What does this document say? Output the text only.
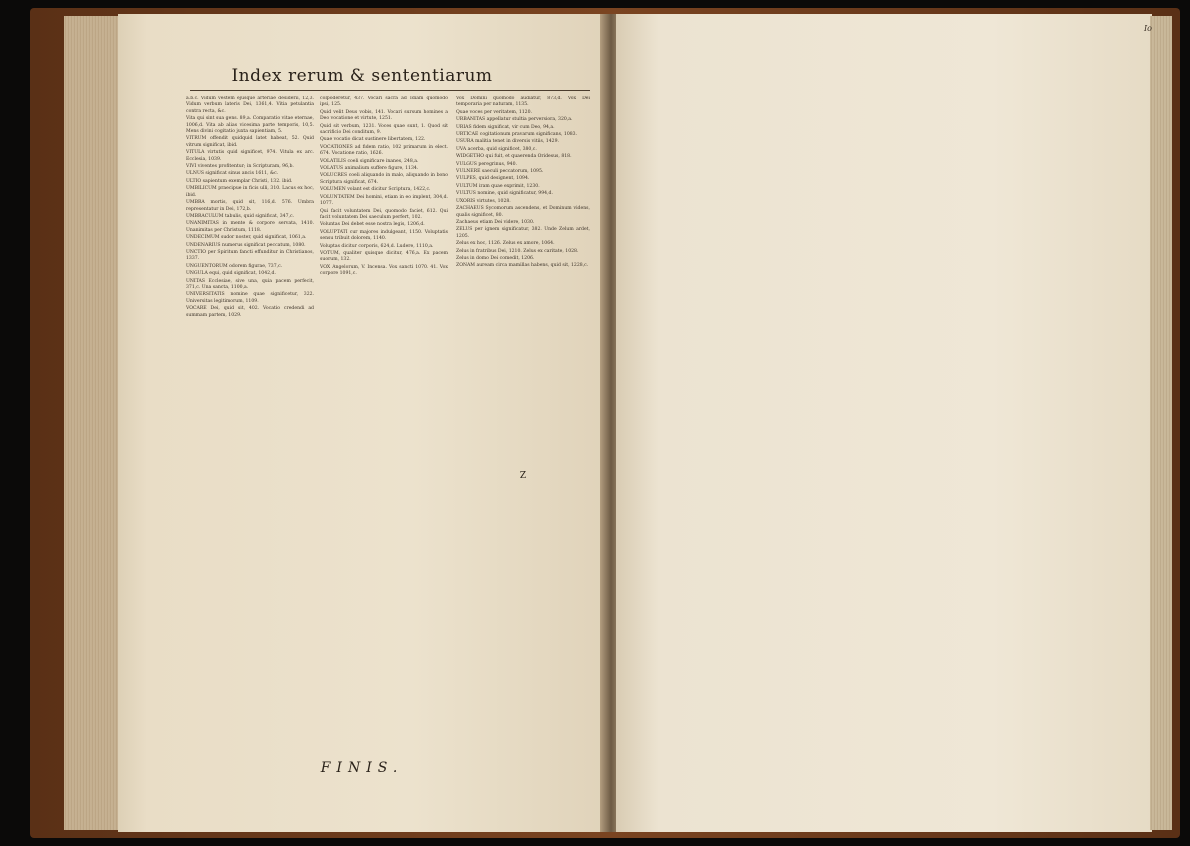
Index rerum & sententiarum

a.b.c. Vidum vestem ejusque arteriae desiderii, 12,3. Vidum verbum lateris Dei, 1361,4. Vitia petulantia contra recta, &c.

Vita qui sint sua gens. 89,a. Comparatio vitae eternae, 1006,d. Vita ab alias vicesima parte temporis, 10,5. Mens divini cogitatio juxta sapientiam, 5.

VITRUM offendit quidquid latet habeat, 52. Quid vitrum significat, ibid.

VITULA virtutis quid significet, 974. Vitula ex arc. Ecclesia, 1039.

VIVI viventes profitentur; in Scripturam, 96,b.

ULNUS significat sinus ancis 1611, &c.

ULTIO sapientum exemplar Christi, 132. ibid.

UMBILICUM praecipue in ficis ulli, 310. Lacus ex hoc, ibid.

UMBRA mortis, quid sit, 116,d. 576. Umbra representatur in Dei, 172,b.

UMBRACULUM tabulis, quid significat, 347,c.

UNANIMITAS in mente & corpore servata, 1410. Unanimitas per Christum, 1118.

UNDECIMUM sudor noster, quid significat, 1061,a.

UNDENARIUS numerus significat peccatum, 1080.

UNCTIO per Spiritum fancti effunditur in Christianos, 1337.

UNGUENTORUM odorem figurae, 737,c.

UNGULA equi, quid significat, 1042,d.

UNITAS Ecclesiae, sive una, quia pacem perfecit, 371,c. Una sancta, 1100,a.

UNIVERSITATIS nomine quae significetur, 322. Universitas legitimorum, 1109.

VOCARE Dei, quid sit, 402. Vocatio credendi ad summam partem, 1029.

colpoderetur, 437. Vocari sacra ad Idiam quomodo ipsi, 125.

Quid velit Deus vobis, 141. Vocari sursum homines a Deo vocatione et virtute, 1251.

Quid sit verbum, 1231. Voces quae sunt, 1. Quod sit sacrificio Dei conditum, 9.

Quae vocatio dicat sustinere libertatem, 122.

VOCATIONES ad fidem ratio, 102 primarum in elect. 674. Vocatione ratio, 1626.

VOLATILIS coeli significare inanes, 248,a.

VOLATUS animalium suffere figure, 1134.

VOLUCRES coeli aliquando in malo, aliquando in bono Scriptura significat, 674.

VOLUMEN volant est dicitur Scriptura, 1422,c.

VOLUNTATEM Dei homini, etiam in eo implent, 304,d. 1077.

Qui facit voluntatem Dei, quomodo faciet, 612. Qui facit voluntatem Dei saeculum perfert, 102.

Voluntas Dei debet esse nostra legis, 1206,d.

VOLUPTATI cur majores indulgeant, 1150. Voluptatis sensu tribuit dolorem, 1140.

Voluptas dicitur corporis, 624,d. Ludere, 1110,a.

VOTUM, qualiter quisque dicitur, 476,a. Ex pacem suorum, 132.

VOX Angelorum, V. Incensa. Vox sancti 1070. 41. Vox corpore 1091,c.

Vox Domini quomodo audiatur, 873,d. Vox Dei temporaria per naturam, 1135.

Quae voces per veritatem, 1120.

URBANITAS appellatur stultia perversiora, 320,a.

URIAS fidem significat, vir cum Deo, 94,a.

URTICAE cogitationum pravarum significans, 1083.

USURA malitia tenet in diversis vitiis, 1429.

UVA acerba, quid significet, 380,c.

WIDGETHO qui fuit, et quaerenda Oridesus, 818.

VULGUS peregrinus, 940.

VULNERE saeculi peccatorum, 1095.

VULPES, quid designent, 1094.

VULTUM iram quae exprimit, 1230.

VULTUS nomine, quid significatur, 994,d.

UXORIS virtutes, 1028.

ZACHAEUS Sycomorum ascendens, et Dominum videns, qualis significet, 80.

Zachaeus etiam Dei videre, 1030.

ZELUS per ignem significatur, 382. Unde Zelum ardet, 1205.

Zelus ex hoc, 1126. Zelus ex amore, 1064.

Zelus in fratribus Dei, 1210. Zelus ex caritate, 1028.

Zelus in domo Dei comedit, 1206.

ZONAM auream circa mamillas habens, quid sit, 1228,c.

Z
FINIS.
Io
